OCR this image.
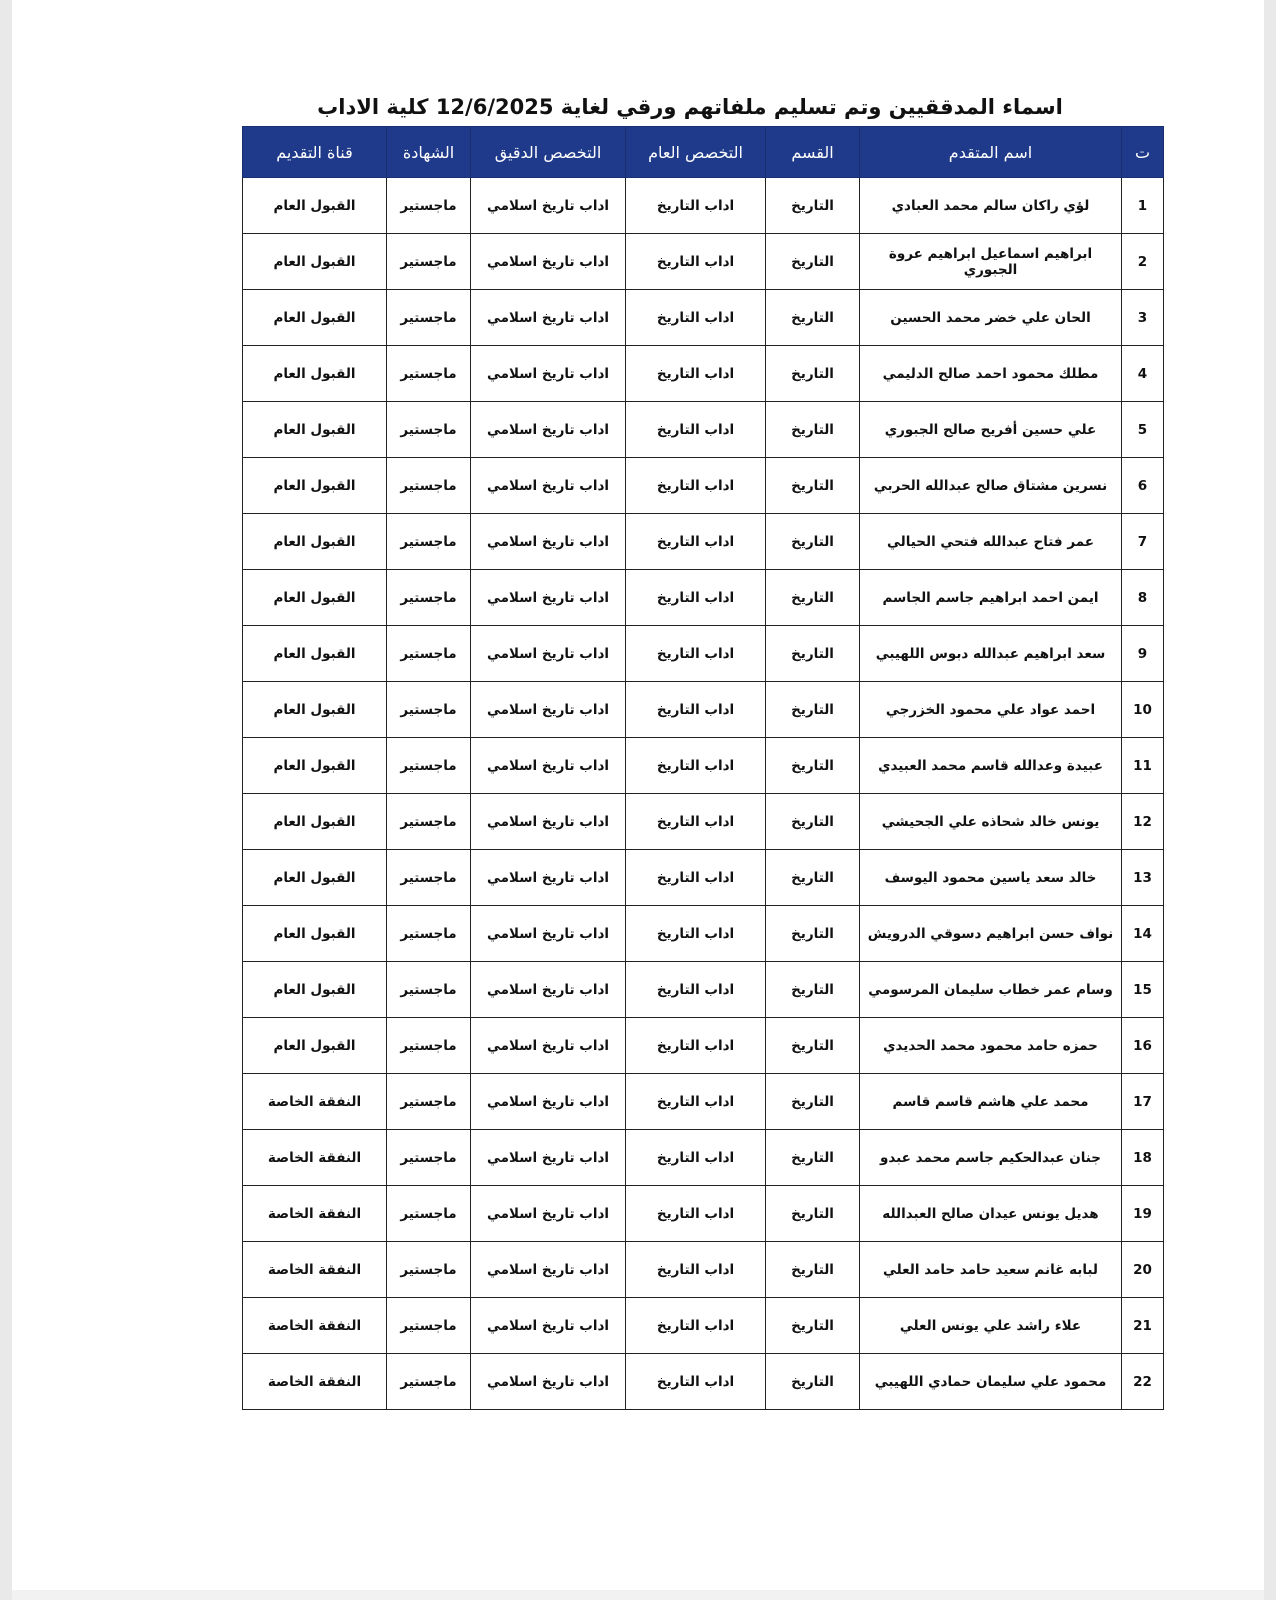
اسماء المدققيين وتم تسليم ملفاتهم ورقي لغاية 12/6/2025 كلية الاداب
ت	اسم المتقدم	القسم	التخصص العام	التخصص الدقيق	الشهادة	قناة التقديم
1	لؤي راكان سالم محمد العبادي	التاريخ	اداب التاريخ	اداب تاريخ اسلامي	ماجستير	القبول العام
2	ابراهيم اسماعيل ابراهيم عروة الجبوري	التاريخ	اداب التاريخ	اداب تاريخ اسلامي	ماجستير	القبول العام
3	الحان علي خضر محمد الحسين	التاريخ	اداب التاريخ	اداب تاريخ اسلامي	ماجستير	القبول العام
4	مطلك محمود احمد صالح الدليمي	التاريخ	اداب التاريخ	اداب تاريخ اسلامي	ماجستير	القبول العام
5	علي حسين أفريح صالح الجبوري	التاريخ	اداب التاريخ	اداب تاريخ اسلامي	ماجستير	القبول العام
6	نسرين مشتاق صالح عبدالله الحربي	التاريخ	اداب التاريخ	اداب تاريخ اسلامي	ماجستير	القبول العام
7	عمر فتاح عبدالله فتحي الحيالي	التاريخ	اداب التاريخ	اداب تاريخ اسلامي	ماجستير	القبول العام
8	ايمن احمد ابراهيم جاسم الجاسم	التاريخ	اداب التاريخ	اداب تاريخ اسلامي	ماجستير	القبول العام
9	سعد ابراهيم عبدالله دبوس اللهيبي	التاريخ	اداب التاريخ	اداب تاريخ اسلامي	ماجستير	القبول العام
10	احمد عواد علي محمود الخزرجي	التاريخ	اداب التاريخ	اداب تاريخ اسلامي	ماجستير	القبول العام
11	عبيدة وعدالله قاسم محمد العبيدي	التاريخ	اداب التاريخ	اداب تاريخ اسلامي	ماجستير	القبول العام
12	يونس خالد شحاذه علي الجحيشي	التاريخ	اداب التاريخ	اداب تاريخ اسلامي	ماجستير	القبول العام
13	خالد سعد ياسين محمود اليوسف	التاريخ	اداب التاريخ	اداب تاريخ اسلامي	ماجستير	القبول العام
14	نواف حسن ابراهيم دسوقي الدرويش	التاريخ	اداب التاريخ	اداب تاريخ اسلامي	ماجستير	القبول العام
15	وسام عمر خطاب سليمان المرسومي	التاريخ	اداب التاريخ	اداب تاريخ اسلامي	ماجستير	القبول العام
16	حمزه حامد محمود محمد الحديدي	التاريخ	اداب التاريخ	اداب تاريخ اسلامي	ماجستير	القبول العام
17	محمد علي هاشم قاسم قاسم	التاريخ	اداب التاريخ	اداب تاريخ اسلامي	ماجستير	النفقة الخاصة
18	جنان عبدالحكيم جاسم محمد عبدو	التاريخ	اداب التاريخ	اداب تاريخ اسلامي	ماجستير	النفقة الخاصة
19	هديل يونس عيدان صالح العبدالله	التاريخ	اداب التاريخ	اداب تاريخ اسلامي	ماجستير	النفقة الخاصة
20	لبابه غانم سعيد حامد حامد العلي	التاريخ	اداب التاريخ	اداب تاريخ اسلامي	ماجستير	النفقة الخاصة
21	علاء راشد علي يونس العلي	التاريخ	اداب التاريخ	اداب تاريخ اسلامي	ماجستير	النفقة الخاصة
22	محمود علي سليمان حمادي اللهيبي	التاريخ	اداب التاريخ	اداب تاريخ اسلامي	ماجستير	النفقة الخاصة
